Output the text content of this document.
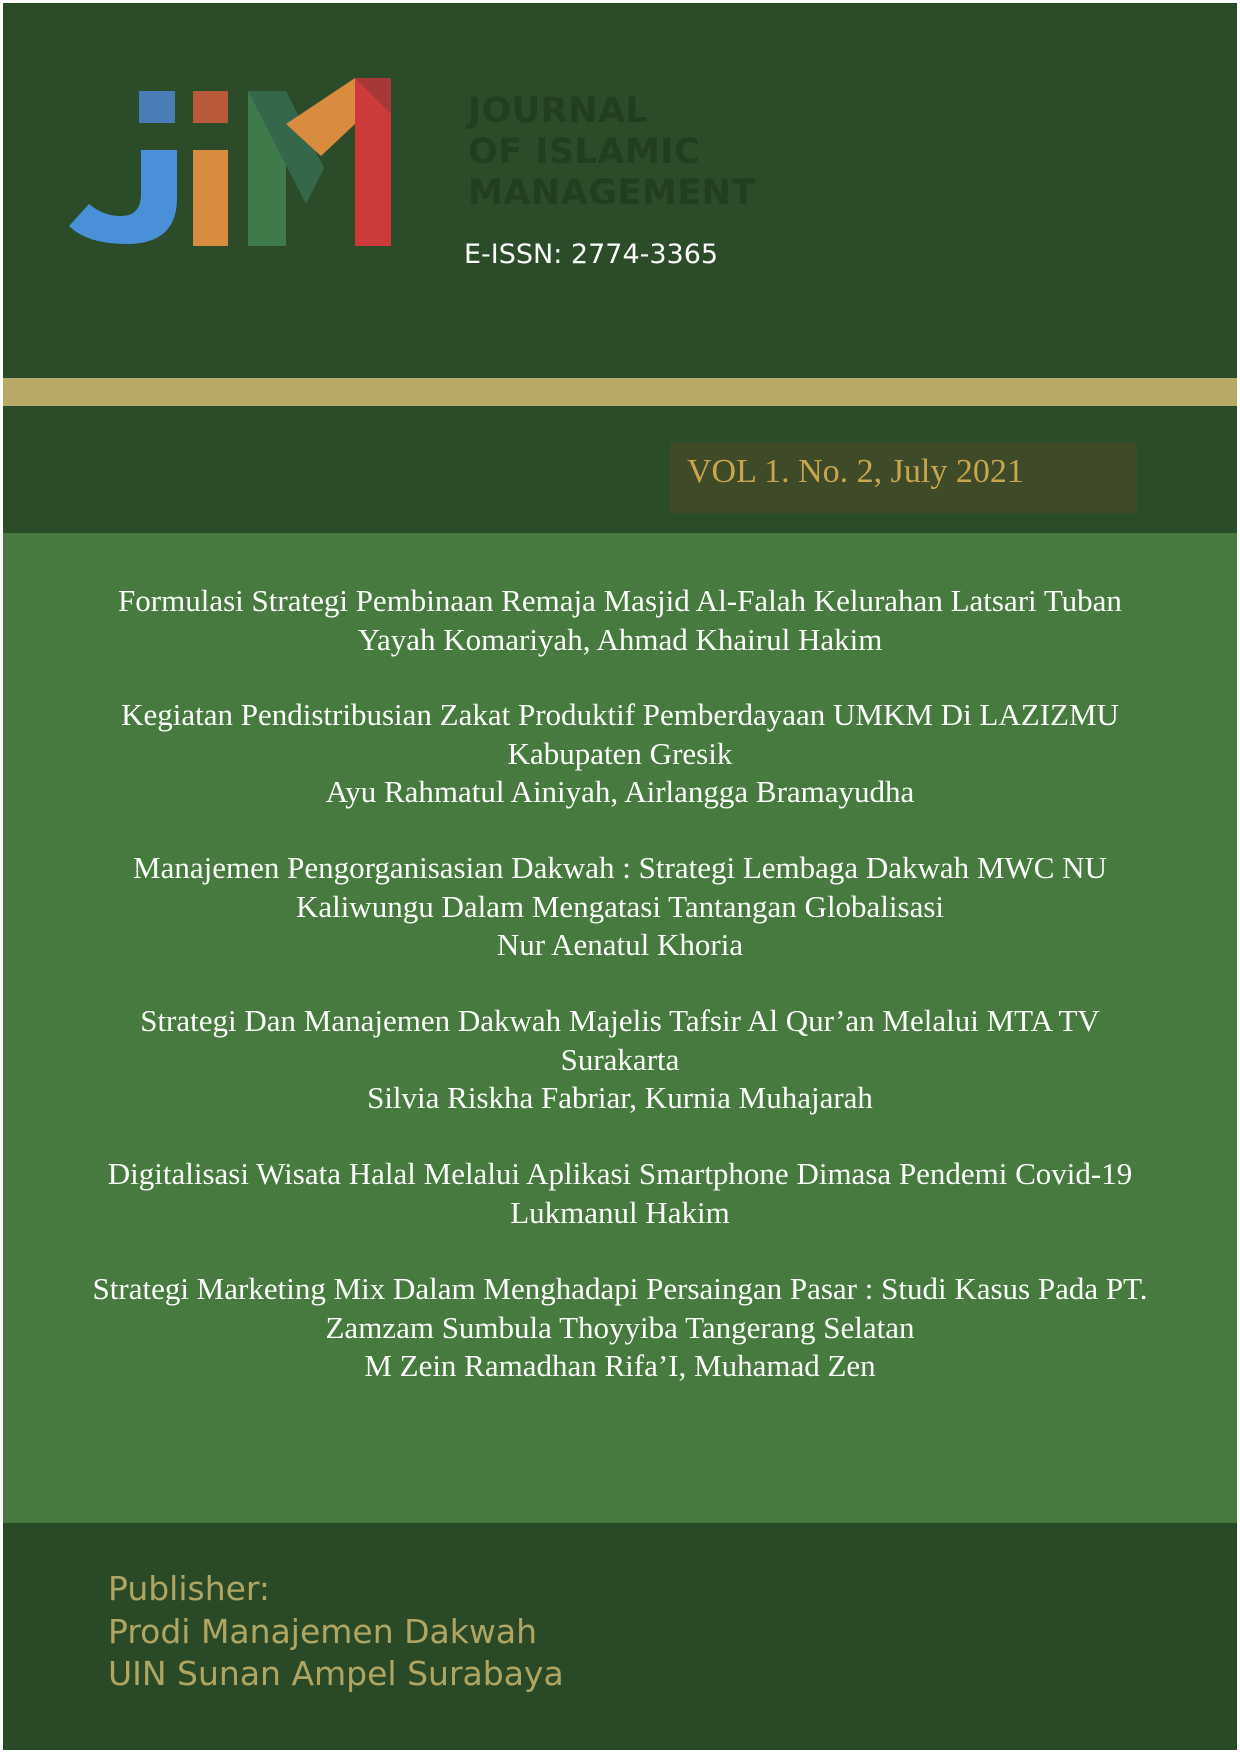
JOURNAL
OF ISLAMIC
MANAGEMENT
E-ISSN: 2774-3365
VOL 1. No. 2, July 2021
Formulasi Strategi Pembinaan Remaja Masjid Al-Falah Kelurahan Latsari Tuban
Yayah Komariyah, Ahmad Khairul Hakim
Kegiatan Pendistribusian Zakat Produktif Pemberdayaan UMKM Di LAZIZMU
Kabupaten Gresik
Ayu Rahmatul Ainiyah, Airlangga Bramayudha
Manajemen Pengorganisasian Dakwah : Strategi Lembaga Dakwah MWC NU
Kaliwungu Dalam Mengatasi Tantangan Globalisasi
Nur Aenatul Khoria
Strategi Dan Manajemen Dakwah Majelis Tafsir Al Qur’an Melalui MTA TV
Surakarta
Silvia Riskha Fabriar, Kurnia Muhajarah
Digitalisasi Wisata Halal Melalui Aplikasi Smartphone Dimasa Pendemi Covid-19
Lukmanul Hakim
Strategi Marketing Mix Dalam Menghadapi Persaingan Pasar : Studi Kasus Pada PT.
Zamzam Sumbula Thoyyiba Tangerang Selatan
M Zein Ramadhan Rifa’I, Muhamad Zen
Publisher:
Prodi Manajemen Dakwah
UIN Sunan Ampel Surabaya
